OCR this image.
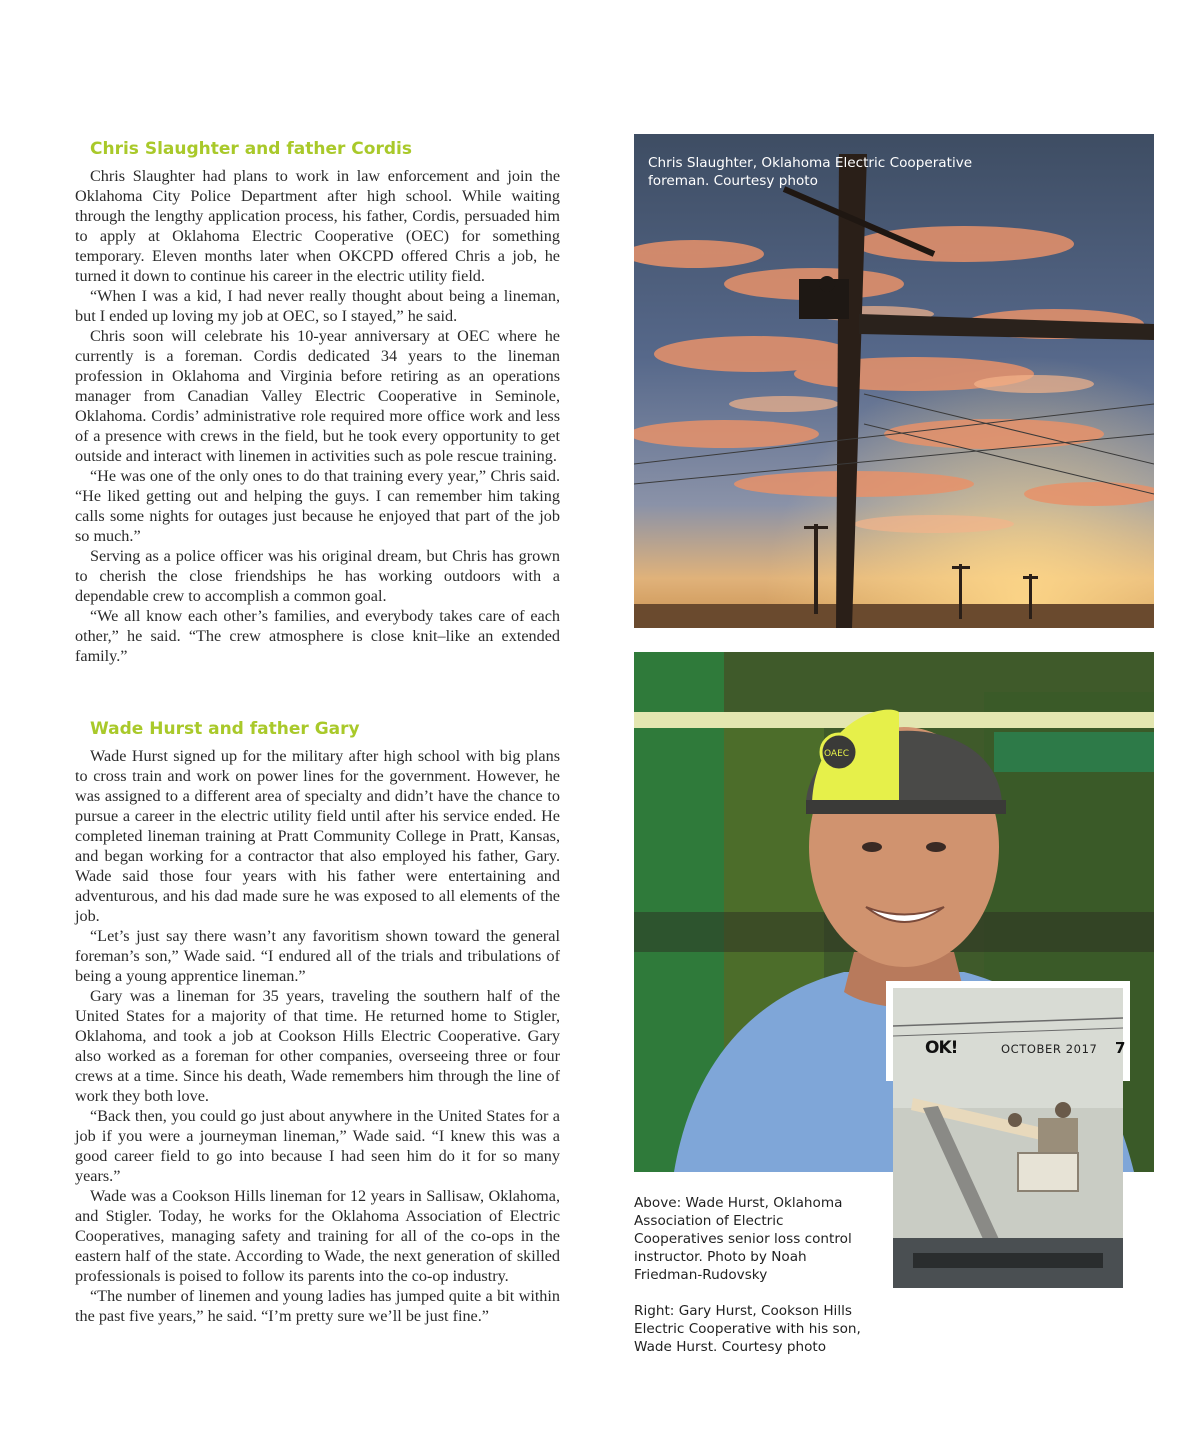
Chris Slaughter and father Cordis

Chris Slaughter had plans to work in law enforcement and join the Oklahoma City Police Department after high school. While waiting through the lengthy application process, his father, Cordis, persuaded him to apply at Oklahoma Electric Cooperative (OEC) for something temporary. Eleven months later when OKCPD offered Chris a job, he turned it down to continue his career in the electric utility field.

“When I was a kid, I had never really thought about being a lineman, but I ended up loving my job at OEC, so I stayed,” he said.

Chris soon will celebrate his 10-year anniversary at OEC where he currently is a foreman. Cordis dedicated 34 years to the lineman profession in Oklahoma and Virginia before retiring as an operations manager from Canadian Valley Electric Cooperative in Seminole, Oklahoma. Cordis’ administrative role required more office work and less of a presence with crews in the field, but he took every opportunity to get outside and interact with linemen in activities such as pole rescue training.

“He was one of the only ones to do that training every year,” Chris said. “He liked getting out and helping the guys. I can remember him taking calls some nights for outages just because he enjoyed that part of the job so much.”

Serving as a police officer was his original dream, but Chris has grown to cherish the close friendships he has working outdoors with a dependable crew to accomplish a common goal.

“We all know each other’s families, and everybody takes care of each other,” he said. “The crew atmosphere is close knit–like an extended family.”

Wade Hurst and father Gary

Wade Hurst signed up for the military after high school with big plans to cross train and work on power lines for the government. However, he was assigned to a different area of specialty and didn’t have the chance to pursue a career in the electric utility field until after his service ended. He completed lineman training at Pratt Community College in Pratt, Kansas, and began working for a contractor that also employed his father, Gary. Wade said those four years with his father were entertaining and adventurous, and his dad made sure he was exposed to all elements of the job.

“Let’s just say there wasn’t any favoritism shown toward the general foreman’s son,” Wade said. “I endured all of the trials and tribulations of being a young apprentice lineman.”

Gary was a lineman for 35 years, traveling the southern half of the United States for a majority of that time. He returned home to Stigler, Oklahoma, and took a job at Cookson Hills Electric Cooperative. Gary also worked as a foreman for other companies, overseeing three or four crews at a time. Since his death, Wade remembers him through the line of work they both love.

“Back then, you could go just about anywhere in the United States for a job if you were a journeyman lineman,” Wade said. “I knew this was a good career field to go into because I had seen him do it for so many years.”

Wade was a Cookson Hills lineman for 12 years in Sallisaw, Oklahoma, and Stigler. Today, he works for the Oklahoma Association of Electric Cooperatives, managing safety and training for all of the co-ops in the eastern half of the state. According to Wade, the next generation of skilled professionals is poised to follow its parents into the co-op industry.

“The number of linemen and young ladies has jumped quite a bit within the past five years,” he said. “I’m pretty sure we’ll be just fine.”

Chris Slaughter, Oklahoma Electric Cooperative foreman. Courtesy photo
OAEC
Above: Wade Hurst, Oklahoma Association of Electric Cooperatives senior loss control instructor. Photo by Noah Friedman-Rudovsky
Right: Gary Hurst, Cookson Hills Electric Cooperative with his son, Wade Hurst. Courtesy photo
OK!	OCTOBER 2017 7
